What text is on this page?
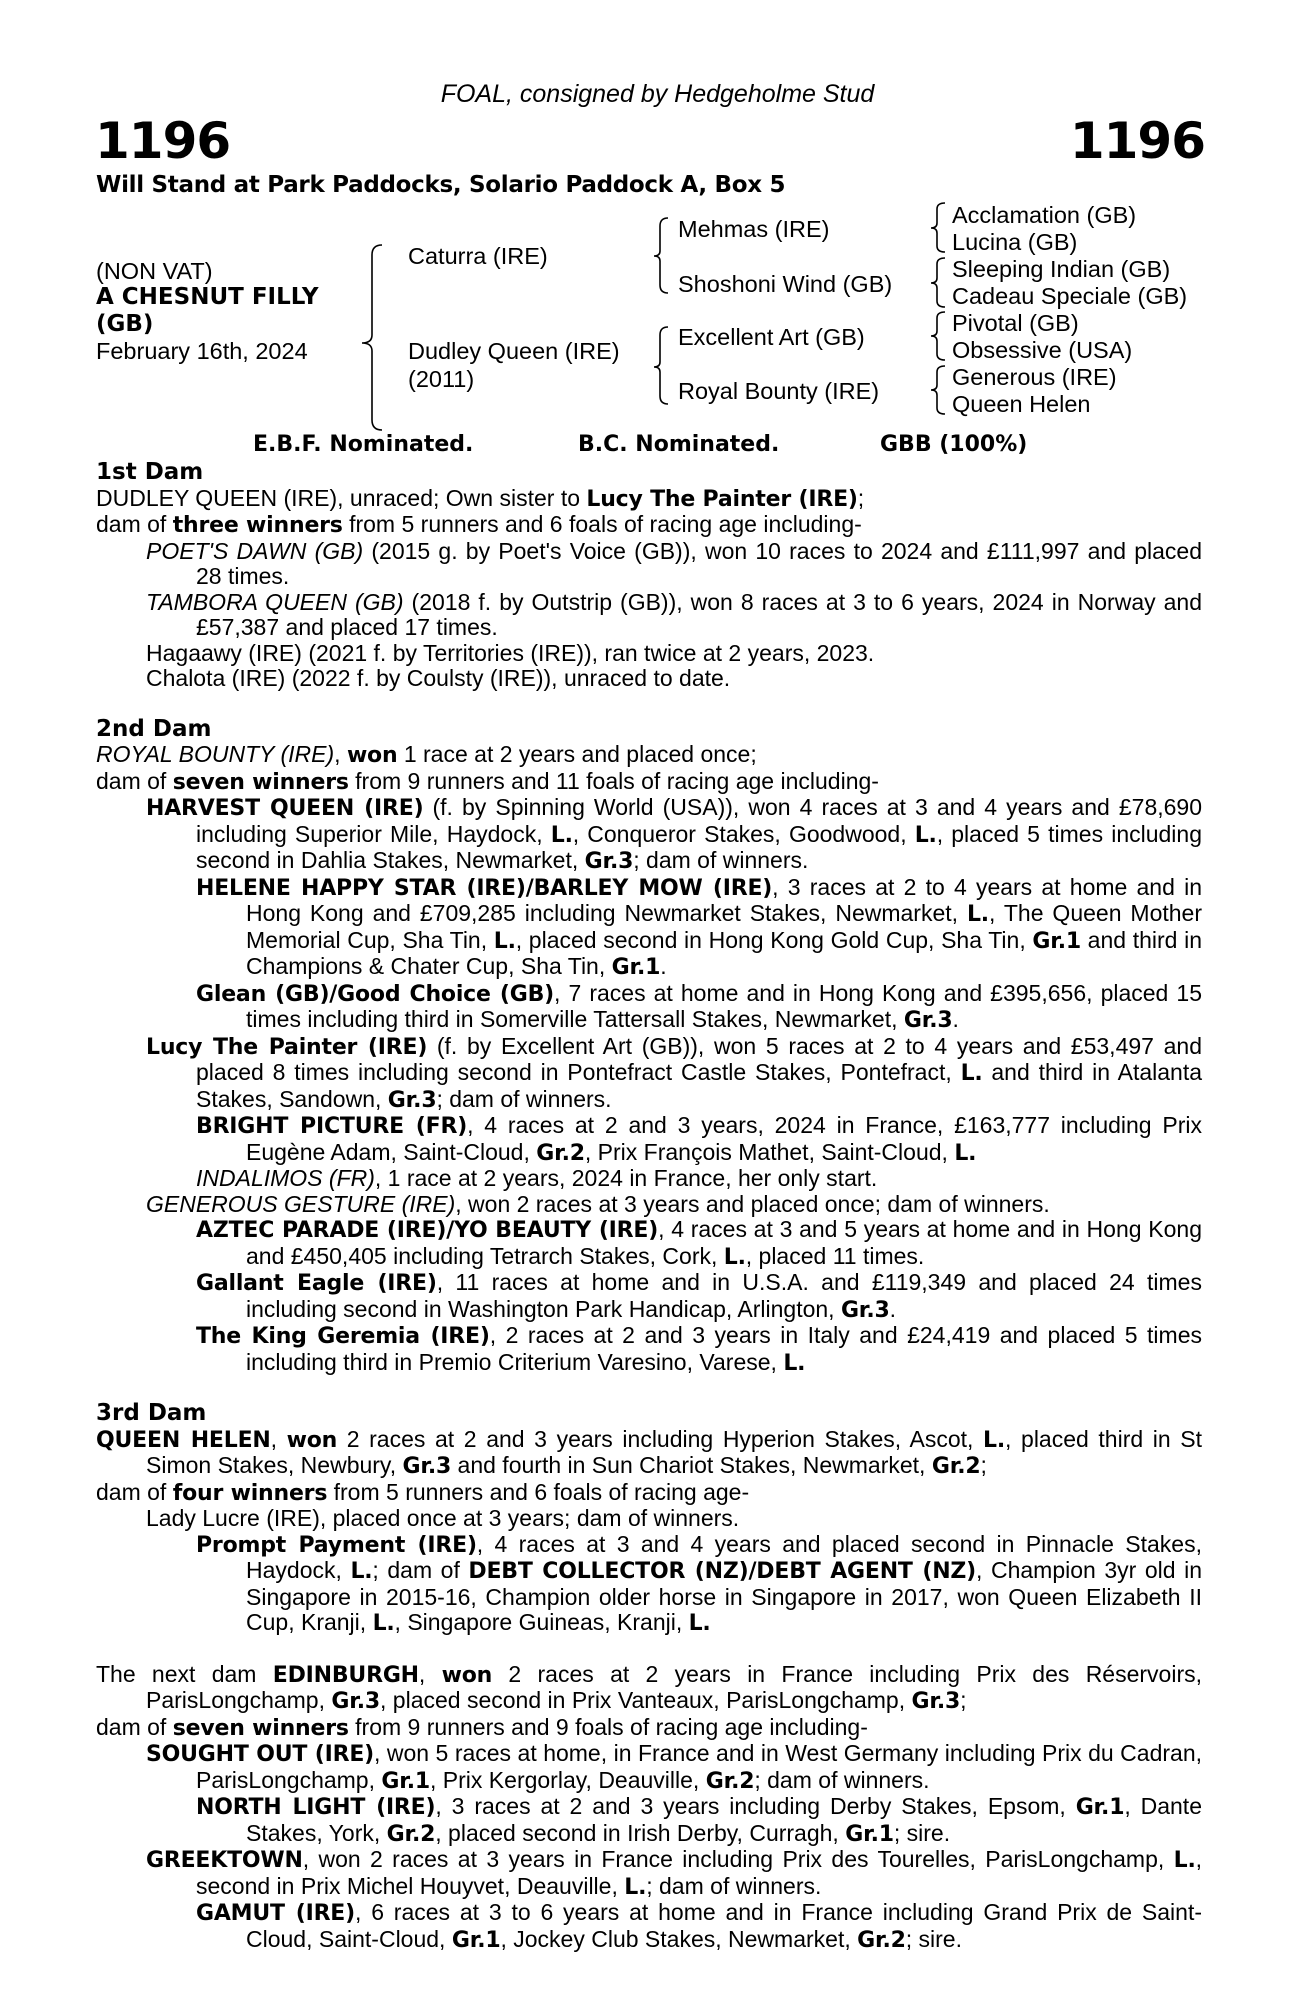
FOAL, consigned by Hedgeholme Stud
1196	1196
Will Stand at Park Paddocks, Solario Paddock A, Box 5
(NON VAT)
A CHESNUT FILLY
(GB)
February 16th, 2024
Caturra (IRE)
Dudley Queen (IRE)
(2011)
Mehmas (IRE)
Shoshoni Wind (GB)
Excellent Art (GB)
Royal Bounty (IRE)
Acclamation (GB)
Lucina (GB)
Sleeping Indian (GB)
Cadeau Speciale (GB)
Pivotal (GB)
Obsessive (USA)
Generous (IRE)
Queen Helen
E.B.F. Nominated.	B.C. Nominated.	GBB (100%)
1st Dam
DUDLEY QUEEN (IRE), unraced; Own sister to Lucy The Painter (IRE);
dam of three winners from 5 runners and 6 foals of racing age including-
POET'S DAWN (GB) (2015 g. by Poet's Voice (GB)), won 10 races to 2024 and £111,997 and placed 28 times.
TAMBORA QUEEN (GB) (2018 f. by Outstrip (GB)), won 8 races at 3 to 6 years, 2024 in Norway and £57,387 and placed 17 times.
Hagaawy (IRE) (2021 f. by Territories (IRE)), ran twice at 2 years, 2023.
Chalota (IRE) (2022 f. by Coulsty (IRE)), unraced to date.
2nd Dam
ROYAL BOUNTY (IRE), won 1 race at 2 years and placed once;
dam of seven winners from 9 runners and 11 foals of racing age including-
HARVEST QUEEN (IRE) (f. by Spinning World (USA)), won 4 races at 3 and 4 years and £78,690 including Superior Mile, Haydock, L., Conqueror Stakes, Goodwood, L., placed 5 times including second in Dahlia Stakes, Newmarket, Gr.3; dam of winners.
HELENE HAPPY STAR (IRE)/BARLEY MOW (IRE), 3 races at 2 to 4 years at home and in Hong Kong and £709,285 including Newmarket Stakes, Newmarket, L., The Queen Mother Memorial Cup, Sha Tin, L., placed second in Hong Kong Gold Cup, Sha Tin, Gr.1 and third in Champions & Chater Cup, Sha Tin, Gr.1.
Glean (GB)/Good Choice (GB), 7 races at home and in Hong Kong and £395,656, placed 15 times including third in Somerville Tattersall Stakes, Newmarket, Gr.3.
Lucy The Painter (IRE) (f. by Excellent Art (GB)), won 5 races at 2 to 4 years and £53,497 and placed 8 times including second in Pontefract Castle Stakes, Pontefract, L. and third in Atalanta Stakes, Sandown, Gr.3; dam of winners.
BRIGHT PICTURE (FR), 4 races at 2 and 3 years, 2024 in France, £163,777 including Prix Eugène Adam, Saint-Cloud, Gr.2, Prix François Mathet, Saint-Cloud, L.
INDALIMOS (FR), 1 race at 2 years, 2024 in France, her only start.
GENEROUS GESTURE (IRE), won 2 races at 3 years and placed once; dam of winners.
AZTEC PARADE (IRE)/YO BEAUTY (IRE), 4 races at 3 and 5 years at home and in Hong Kong and £450,405 including Tetrarch Stakes, Cork, L., placed 11 times.
Gallant Eagle (IRE), 11 races at home and in U.S.A. and £119,349 and placed 24 times including second in Washington Park Handicap, Arlington, Gr.3.
The King Geremia (IRE), 2 races at 2 and 3 years in Italy and £24,419 and placed 5 times including third in Premio Criterium Varesino, Varese, L.
3rd Dam
QUEEN HELEN, won 2 races at 2 and 3 years including Hyperion Stakes, Ascot, L., placed third in St Simon Stakes, Newbury, Gr.3 and fourth in Sun Chariot Stakes, Newmarket, Gr.2;
dam of four winners from 5 runners and 6 foals of racing age-
Lady Lucre (IRE), placed once at 3 years; dam of winners.
Prompt Payment (IRE), 4 races at 3 and 4 years and placed second in Pinnacle Stakes, Haydock, L.; dam of DEBT COLLECTOR (NZ)/DEBT AGENT (NZ), Champion 3yr old in Singapore in 2015-16, Champion older horse in Singapore in 2017, won Queen Elizabeth II Cup, Kranji, L., Singapore Guineas, Kranji, L.
The next dam EDINBURGH, won 2 races at 2 years in France including Prix des Réservoirs, ParisLongchamp, Gr.3, placed second in Prix Vanteaux, ParisLongchamp, Gr.3;
dam of seven winners from 9 runners and 9 foals of racing age including-
SOUGHT OUT (IRE), won 5 races at home, in France and in West Germany including Prix du Cadran, ParisLongchamp, Gr.1, Prix Kergorlay, Deauville, Gr.2; dam of winners.
NORTH LIGHT (IRE), 3 races at 2 and 3 years including Derby Stakes, Epsom, Gr.1, Dante Stakes, York, Gr.2, placed second in Irish Derby, Curragh, Gr.1; sire.
GREEKTOWN, won 2 races at 3 years in France including Prix des Tourelles, ParisLongchamp, L., second in Prix Michel Houyvet, Deauville, L.; dam of winners.
GAMUT (IRE), 6 races at 3 to 6 years at home and in France including Grand Prix de Saint-Cloud, Saint-Cloud, Gr.1, Jockey Club Stakes, Newmarket, Gr.2; sire.
